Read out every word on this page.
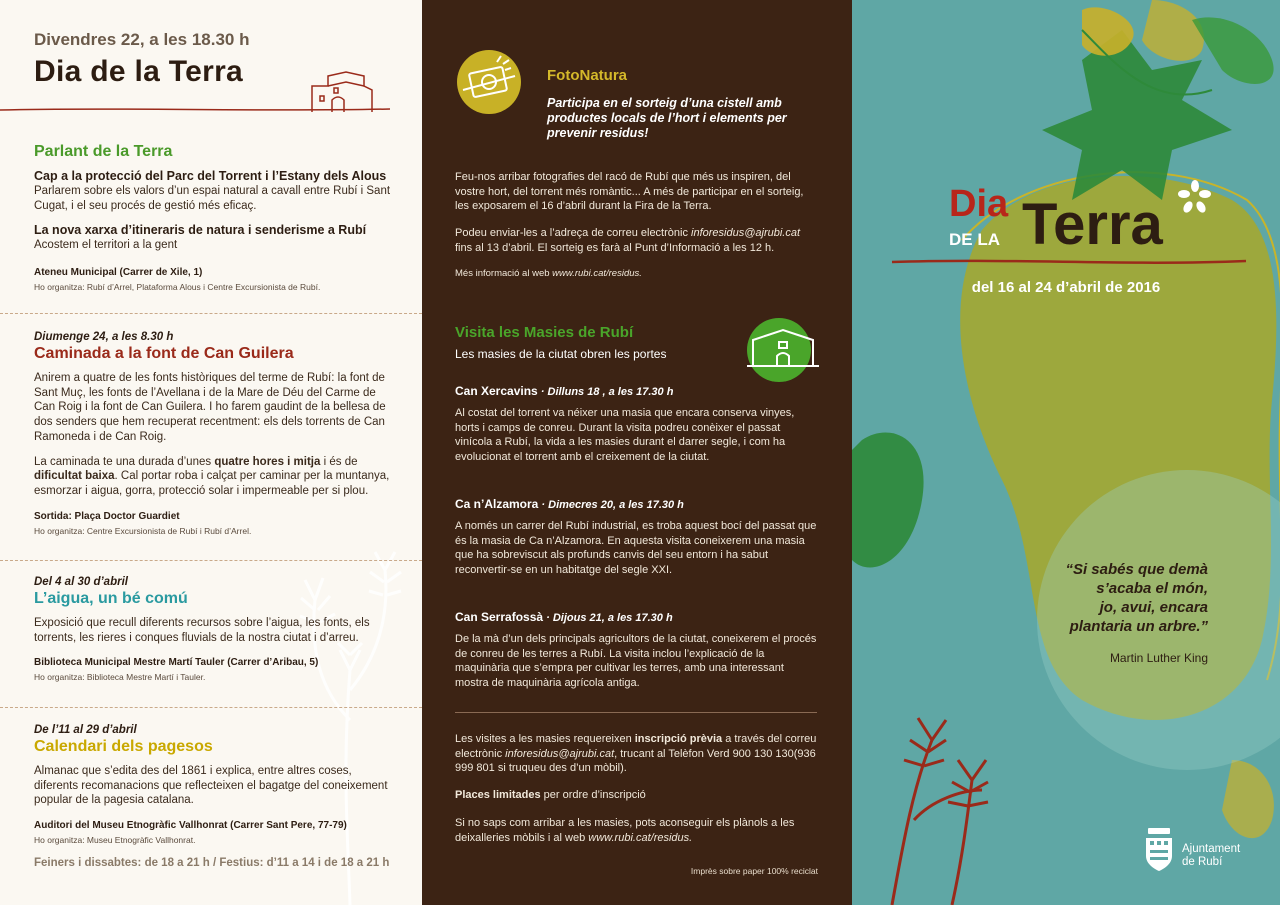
Divendres 22, a les 18.30 h
Dia de la Terra
Parlant de la Terra
Cap a la protecció del Parc del Torrent i l’Estany dels Alous

Parlarem sobre els valors d’un espai natural a cavall entre Rubí i Sant Cugat, i el seu procés de gestió més eficaç.

La nova xarxa d’itineraris de natura i senderisme a Rubí

Acostem el territori a la gent

Ateneu Municipal (Carrer de Xile, 1)
Ho organitza: Rubí d’Arrel, Plataforma Alous i Centre Excursionista de Rubí.
Diumenge 24, a les 8.30 h
Caminada a la font de Can Guilera

Anirem a quatre de les fonts històriques del terme de Rubí: la font de Sant Muç, les fonts de l’Avellana i de la Mare de Déu del Carme de Can Roig i la font de Can Guilera. I ho farem gaudint de la bellesa de dos senders que hem recuperat recentment: els dels torrents de Can Ramoneda i de Can Roig.

La caminada te una durada d’unes quatre hores i mitja i és de dificultat baixa. Cal portar roba i calçat per caminar per la muntanya, esmorzar i aigua, gorra, protecció solar i impermeable per si plou.

Sortida: Plaça Doctor Guardiet
Ho organitza: Centre Excursionista de Rubí i Rubí d’Arrel.
Del 4 al 30 d’abril
L’aigua, un bé comú

Exposició que recull diferents recursos sobre l’aigua, les fonts, els torrents, les rieres i conques fluvials de la nostra ciutat i d’arreu.

Biblioteca Municipal Mestre Martí Tauler (Carrer d’Aribau, 5)
Ho organitza: Biblioteca Mestre Martí i Tauler.
De l’11 al 29 d’abril
Calendari dels pagesos

Almanac que s’edita des del 1861 i explica, entre altres coses, diferents recomanacions que reflecteixen el bagatge del coneixement popular de la pagesia catalana.

Auditori del Museu Etnogràfic Vallhonrat (Carrer Sant Pere, 77-79)
Ho organitza: Museu Etnogràfic Vallhonrat.
Feiners i dissabtes: de 18 a 21 h / Festius: d’11 a 14 i de 18 a 21 h
FotoNatura
Participa en el sorteig d’una cistell amb productes locals de l’hort i elements per prevenir residus!
Feu-nos arribar fotografies del racó de Rubí que més us inspiren, del vostre hort, del torrent més romàntic... A més de participar en el sorteig, les exposarem el 16 d’abril durant la Fira de la Terra.
Podeu enviar-les a l’adreça de correu electrònic inforesidus@ajrubi.cat fins al 13 d’abril. El sorteig es farà al Punt d’Informació a les 12 h.
Més informació al web www.rubi.cat/residus.
Visita les Masies de Rubí
Les masies de la ciutat obren les portes
Can Xercavins · Dilluns 18 , a les 17.30 h
Al costat del torrent va néixer una masia que encara conserva vinyes, horts i camps de conreu. Durant la visita podreu conèixer el passat vinícola a Rubí, la vida a les masies durant el darrer segle, i com ha evolucionat el torrent amb el creixement de la ciutat.
Ca n’Alzamora · Dimecres 20, a les 17.30 h
A només un carrer del Rubí industrial, es troba aquest bocí del passat que és la masia de Ca n’Alzamora. En aquesta visita coneixerem una masia que ha sobreviscut als profunds canvis del seu entorn i ha sabut reconvertir-se en un habitatge del segle XXI.
Can Serrafossà · Dijous 21, a les 17.30 h
De la mà d’un dels principals agricultors de la ciutat, coneixerem el procés de conreu de les terres a Rubí. La visita inclou l’explicació de la maquinària que s’empra per cultivar les terres, amb una interessant mostra de maquinària agrícola antiga.
Les visites a les masies requereixen inscripció prèvia a través del correu electrònic inforesidus@ajrubi.cat, trucant al Telèfon Verd 900 130 130(936 999 801 si truqueu des d’un mòbil).
Places limitades per ordre d’inscripció
Si no saps com arribar a les masies, pots aconseguir els plànols a les deixalleries mòbils i al web www.rubi.cat/residus.
Imprès sobre paper 100% reciclat
Dia
DE LA Terra
del 16 al 24 d’abril de 2016
“Si sabés que demà
s’acaba el món,
jo, avui, encara
plantaria un arbre.”
Martin Luther King
Ajuntament
de Rubí
